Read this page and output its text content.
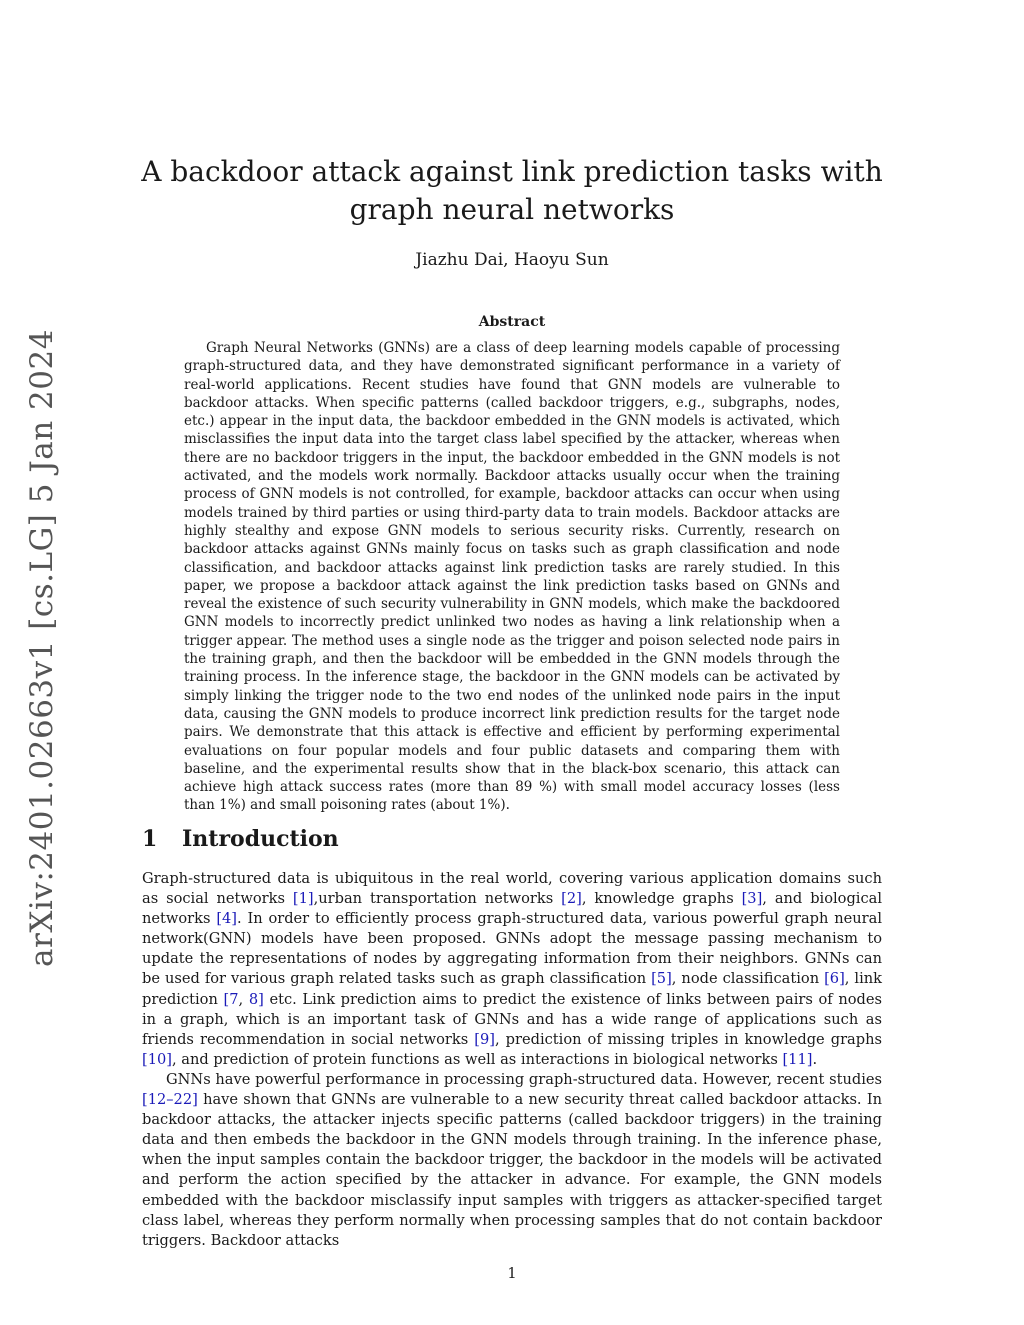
arXiv:2401.02663v1 [cs.LG] 5 Jan 2024
A backdoor attack against link prediction tasks with graph neural networks
Jiazhu Dai, Haoyu Sun
Abstract

Graph Neural Networks (GNNs) are a class of deep learning models capable of processing graph-structured data, and they have demonstrated significant performance in a variety of real-world applications. Recent studies have found that GNN models are vulnerable to backdoor attacks. When specific patterns (called backdoor triggers, e.g., subgraphs, nodes, etc.) appear in the input data, the backdoor embedded in the GNN models is activated, which misclassifies the input data into the target class label specified by the attacker, whereas when there are no backdoor triggers in the input, the backdoor embedded in the GNN models is not activated, and the models work normally. Backdoor attacks usually occur when the training process of GNN models is not controlled, for example, backdoor attacks can occur when using models trained by third parties or using third-party data to train models. Backdoor attacks are highly stealthy and expose GNN models to serious security risks. Currently, research on backdoor attacks against GNNs mainly focus on tasks such as graph classification and node classification, and backdoor attacks against link prediction tasks are rarely studied. In this paper, we propose a backdoor attack against the link prediction tasks based on GNNs and reveal the existence of such security vulnerability in GNN models, which make the backdoored GNN models to incorrectly predict unlinked two nodes as having a link relationship when a trigger appear. The method uses a single node as the trigger and poison selected node pairs in the training graph, and then the backdoor will be embedded in the GNN models through the training process. In the inference stage, the backdoor in the GNN models can be activated by simply linking the trigger node to the two end nodes of the unlinked node pairs in the input data, causing the GNN models to produce incorrect link prediction results for the target node pairs. We demonstrate that this attack is effective and efficient by performing experimental evaluations on four popular models and four public datasets and comparing them with baseline, and the experimental results show that in the black-box scenario, this attack can achieve high attack success rates (more than 89 %) with small model accuracy losses (less than 1%) and small poisoning rates (about 1%).

1 Introduction

Graph-structured data is ubiquitous in the real world, covering various application domains such as social networks [1],urban transportation networks [2], knowledge graphs [3], and biological networks [4]. In order to efficiently process graph-structured data, various powerful graph neural network(GNN) models have been proposed. GNNs adopt the message passing mechanism to update the representations of nodes by aggregating information from their neighbors. GNNs can be used for various graph related tasks such as graph classification [5], node classification [6], link prediction [7, 8] etc. Link prediction aims to predict the existence of links between pairs of nodes in a graph, which is an important task of GNNs and has a wide range of applications such as friends recommendation in social networks [9], prediction of missing triples in knowledge graphs [10], and prediction of protein functions as well as interactions in biological networks [11].

GNNs have powerful performance in processing graph-structured data. However, recent studies [12–22] have shown that GNNs are vulnerable to a new security threat called backdoor attacks. In backdoor attacks, the attacker injects specific patterns (called backdoor triggers) in the training data and then embeds the backdoor in the GNN models through training. In the inference phase, when the input samples contain the backdoor trigger, the backdoor in the models will be activated and perform the action specified by the attacker in advance. For example, the GNN models embedded with the backdoor misclassify input samples with triggers as attacker-specified target class label, whereas they perform normally when processing samples that do not contain backdoor triggers. Backdoor attacks

1
